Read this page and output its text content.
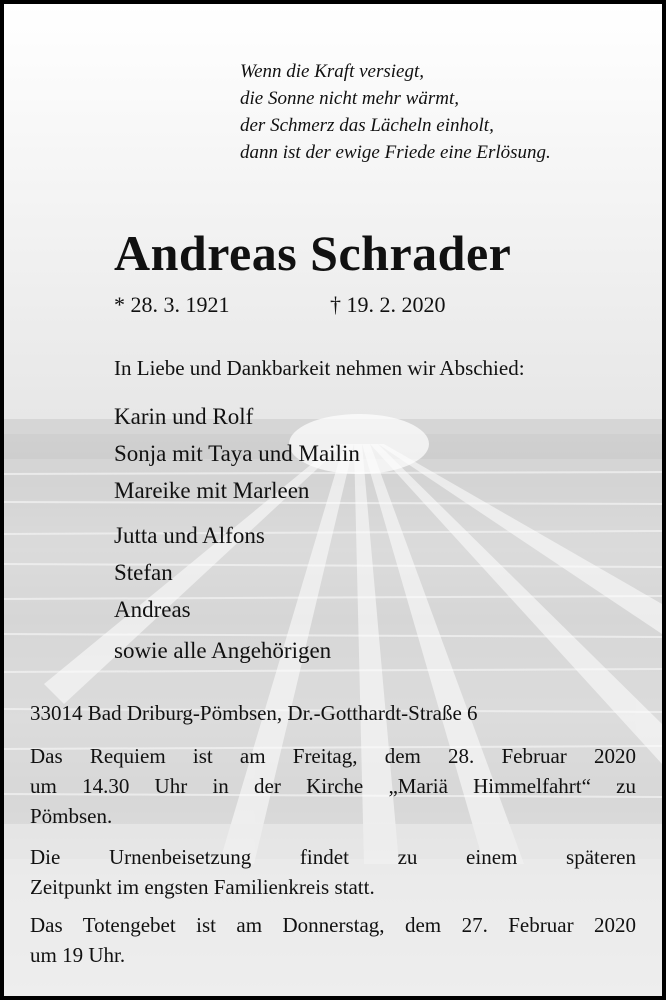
Wenn die Kraft versiegt,
die Sonne nicht mehr wärmt,
der Schmerz das Lächeln einholt,
dann ist der ewige Friede eine Erlösung.
Andreas Schrader
* 28. 3. 1921	† 19. 2. 2020
In Liebe und Dankbarkeit nehmen wir Abschied:
Karin und Rolf
Sonja mit Taya und Mailin
Mareike mit Marleen
Jutta und Alfons
Stefan
Andreas
sowie alle Angehörigen
33014 Bad Driburg-Pömbsen, Dr.-Gotthardt-Straße 6
Das Requiem ist am Freitag, dem 28. Februar 2020
um 14.30 Uhr in der Kirche „Mariä Himmelfahrt“ zu
Pömbsen.
Die Urnenbeisetzung findet zu einem späteren
Zeitpunkt im engsten Familienkreis statt.
Das Totengebet ist am Donnerstag, dem 27. Februar 2020
um 19 Uhr.
